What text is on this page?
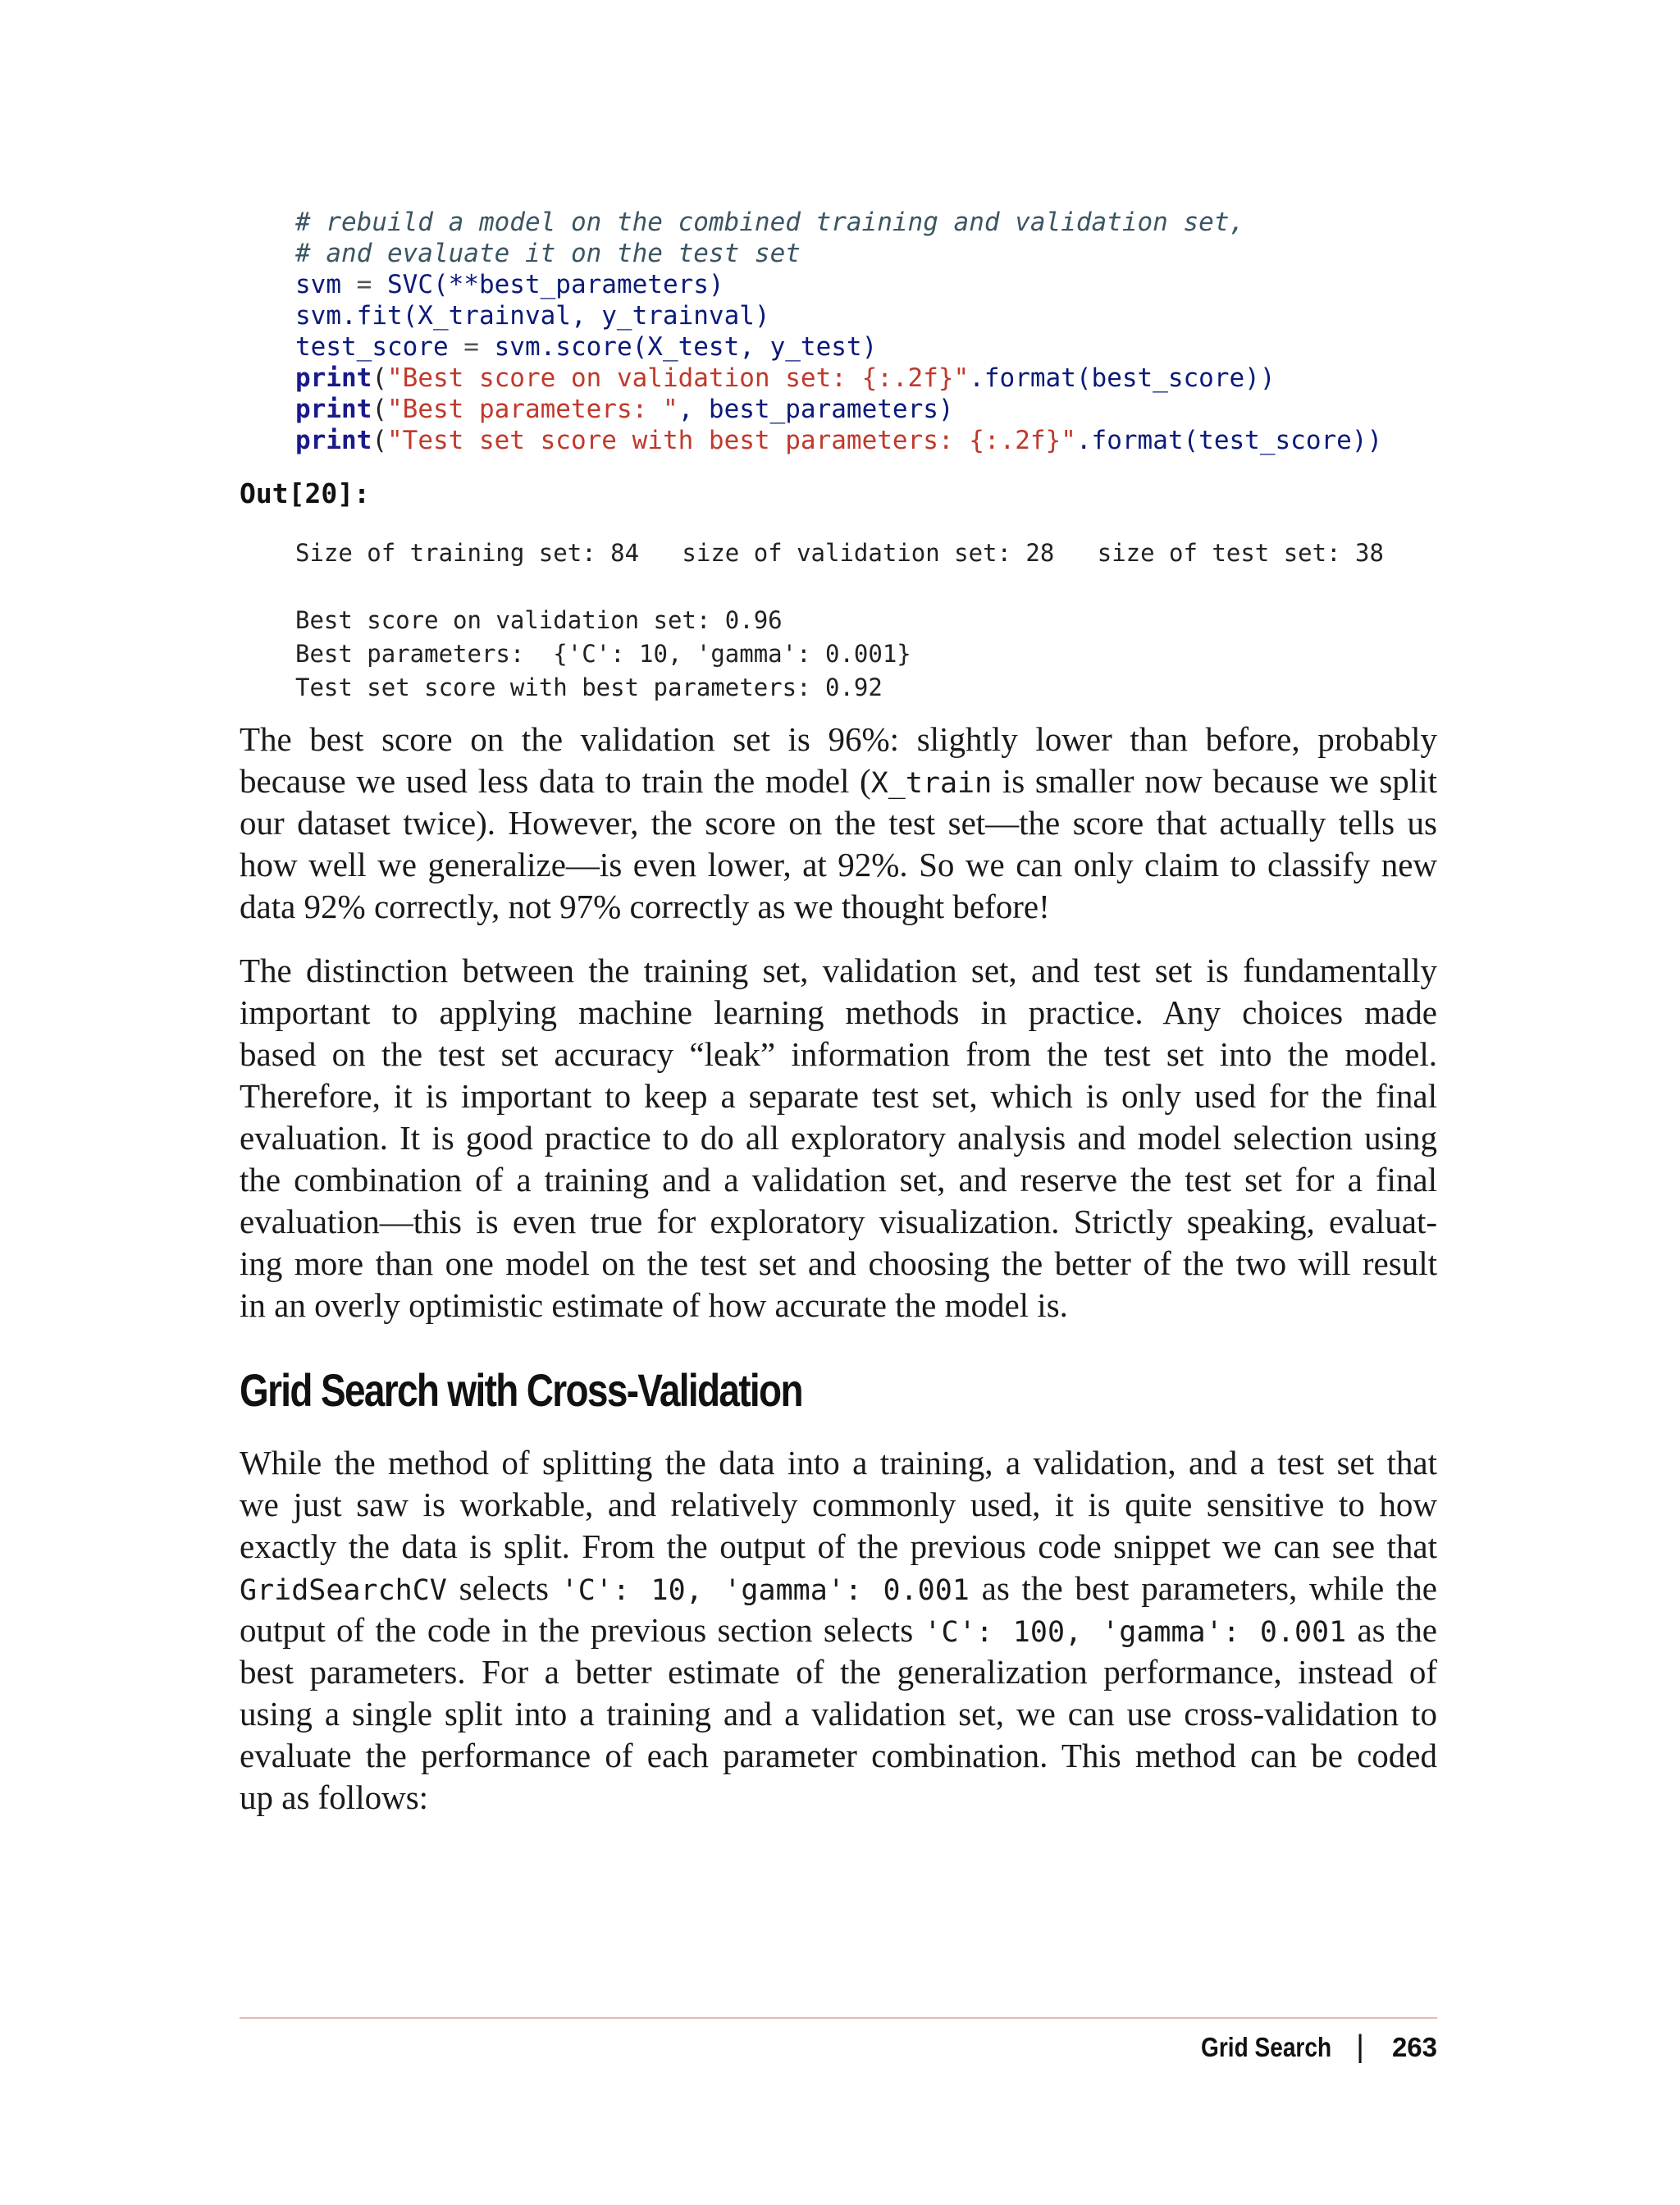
# rebuild a model on the combined training and validation set,
# and evaluate it on the test set
svm = SVC(**best_parameters)
svm.fit(X_trainval, y_trainval)
test_score = svm.score(X_test, y_test)
print("Best score on validation set: {:.2f}".format(best_score))
print("Best parameters: ", best_parameters)
print("Test set score with best parameters: {:.2f}".format(test_score))
Out[20]:
Size of training set: 84   size of validation set: 28   size of test set: 38
Best score on validation set: 0.96
Best parameters:  {'C': 10, 'gamma': 0.001}
Test set score with best parameters: 0.92

The best score on the validation set is 96%: slightly lower than before, probably
because we used less data to train the model (X_train is smaller now because we split
our dataset twice). However, the score on the test set—the score that actually tells us
how well we generalize—is even lower, at 92%. So we can only claim to classify new
data 92% correctly, not 97% correctly as we thought before!

The distinction between the training set, validation set, and test set is fundamentally
important to applying machine learning methods in practice. Any choices made
based on the test set accuracy “leak” information from the test set into the model.
Therefore, it is important to keep a separate test set, which is only used for the final
evaluation. It is good practice to do all exploratory analysis and model selection using
the combination of a training and a validation set, and reserve the test set for a final
evaluation—this is even true for exploratory visualization. Strictly speaking, evaluat-
ing more than one model on the test set and choosing the better of the two will result
in an overly optimistic estimate of how accurate the model is.

Grid Search with Cross-Validation

While the method of splitting the data into a training, a validation, and a test set that
we just saw is workable, and relatively commonly used, it is quite sensitive to how
exactly the data is split. From the output of the previous code snippet we can see that
GridSearchCV selects 'C': 10, 'gamma': 0.001 as the best parameters, while the
output of the code in the previous section selects 'C': 100, 'gamma': 0.001 as the
best parameters. For a better estimate of the generalization performance, instead of
using a single split into a training and a validation set, we can use cross-validation to
evaluate the performance of each parameter combination. This method can be coded
up as follows:

Grid Search | 263
